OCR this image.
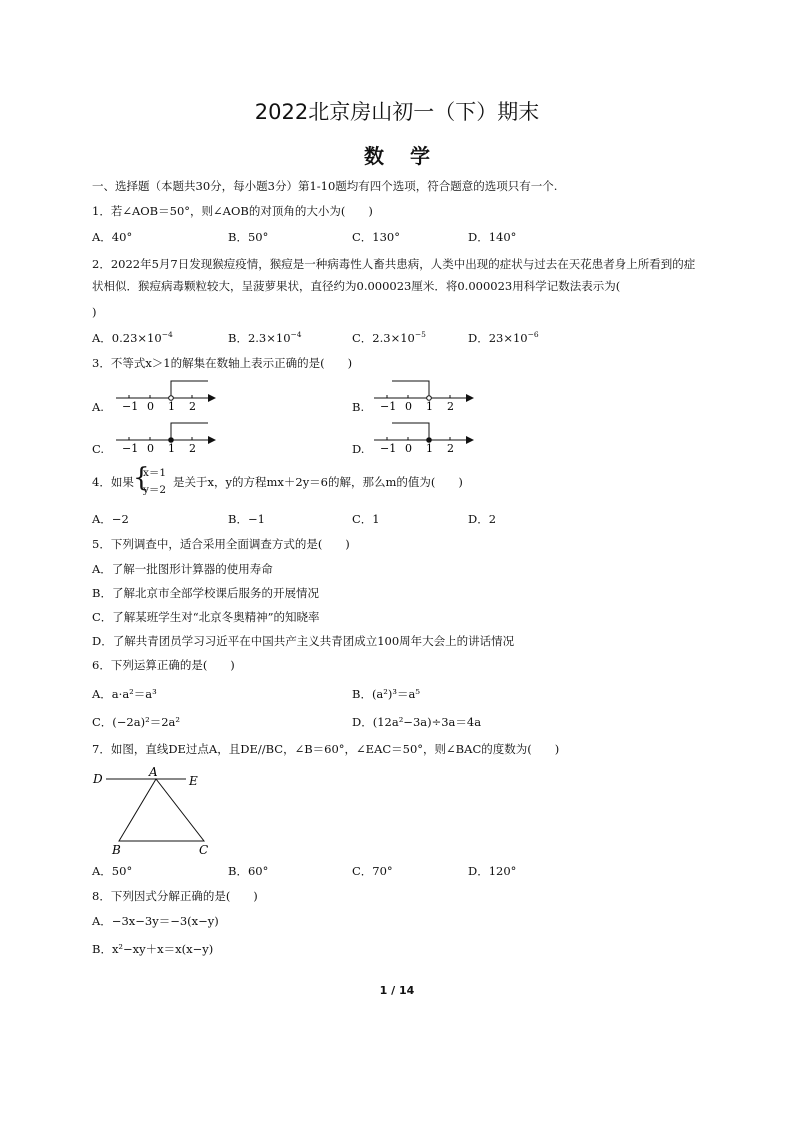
2022北京房山初一（下）期末
数学
一、选择题（本题共30分，每小题3分）第1-10题均有四个选项，符合题意的选项只有一个.
1．若∠AOB＝50°，则∠AOB的对顶角的大小为(　　)
A．40°	B．50°	C．130°	D．140°
2．2022年5月7日发现猴痘疫情，猴痘是一种病毒性人畜共患病，人类中出现的症状与过去在天花患者身上所看到的症状相似．猴痘病毒颗粒较大，呈菠萝果状，直径约为0.000023厘米．将0.000023用科学记数法表示为(
)
A．$0.23\times 10^{-4}$	B．$2.3\times 10^{-4}$	C．$2.3\times 10^{-5}$	D．$23\times 10^{-6}$
3．不等式x＞1的解集在数轴上表示正确的是(　　)
A.	B.
C.	D.
−1 0 1 2	−1 0 1 2
−1 0 1 2	−1 0 1 2
4．如果 {
x＝1
y＝2
是关于x，y的方程mx＋2y＝6的解，那么m的值为(　　)
A．−2	B．−1	C．1	D．2
5．下列调查中，适合采用全面调查方式的是(　　)
A．了解一批图形计算器的使用寿命
B．了解北京市全部学校课后服务的开展情况
C．了解某班学生对“北京冬奥精神”的知晓率
D．了解共青团员学习习近平在中国共产主义共青团成立100周年大会上的讲话情况
6．下列运算正确的是(　　)
A．a·a²＝a³	B．(a²)³＝a⁵
C．(−2a)²＝2a²	D．(12a²−3a)÷3a＝4a
7．如图，直线DE过点A，且DE//BC，∠B＝60°，∠EAC＝50°，则∠BAC的度数为(　　)
D	A
E
B	C
A．50°	B．60°	C．70°	D．120°
8．下列因式分解正确的是(　　)
A．−3x−3y＝−3(x−y)
B．x²−xy＋x＝x(x−y)
1 / 14
